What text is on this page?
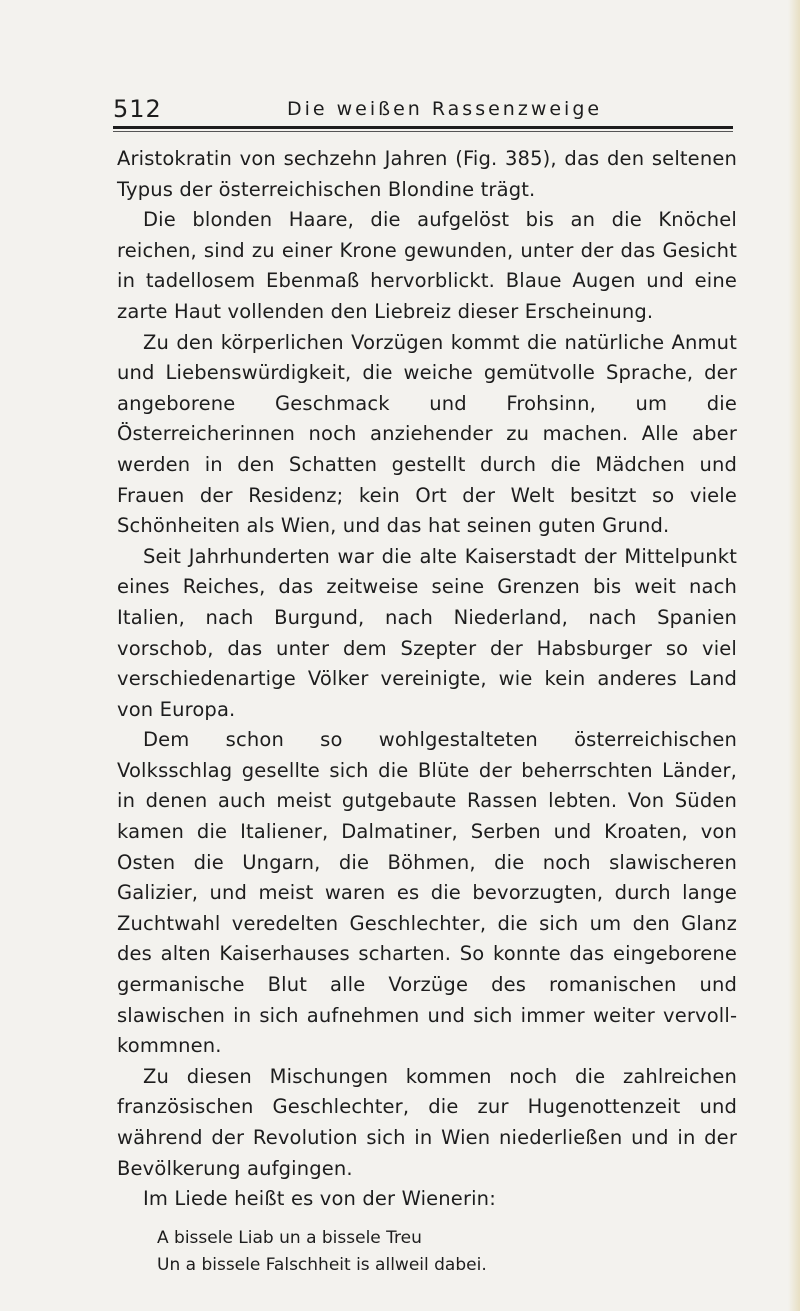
512	Die weißen Rassenzweige

Aristokratin von sechzehn Jahren (Fig. 385), das den seltenen Typus der österreichischen Blondine trägt.

Die blonden Haare, die aufgelöst bis an die Knöchel reichen, sind zu einer Krone gewunden, unter der das Gesicht in tadellosem Ebenmaß hervorblickt. Blaue Augen und eine zarte Haut vollenden den Liebreiz dieser Erscheinung.

Zu den körperlichen Vorzügen kommt die natürliche Anmut und Liebenswürdigkeit, die weiche gemütvolle Sprache, der angeborene Geschmack und Frohsinn, um die Österreicherinnen noch anziehender zu machen. Alle aber werden in den Schatten gestellt durch die Mädchen und Frauen der Residenz; kein Ort der Welt besitzt so viele Schönheiten als Wien, und das hat seinen guten Grund.

Seit Jahrhunderten war die alte Kaiserstadt der Mittelpunkt eines Reiches, das zeitweise seine Grenzen bis weit nach Italien, nach Burgund, nach Niederland, nach Spanien vorschob, das unter dem Szepter der Habsburger so viel verschiedenartige Völker vereinigte, wie kein anderes Land von Europa.

Dem schon so wohlgestalteten österreichischen Volksschlag gesellte sich die Blüte der beherrschten Länder, in denen auch meist gutgebaute Rassen lebten. Von Süden kamen die Italiener, Dalmatiner, Serben und Kroaten, von Osten die Ungarn, die Böhmen, die noch slawischeren Galizier, und meist waren es die bevorzugten, durch lange Zuchtwahl veredelten Geschlechter, die sich um den Glanz des alten Kaiserhauses scharten. So konnte das eingeborene germanische Blut alle Vorzüge des romanischen und slawischen in sich aufnehmen und sich immer weiter vervollkommnen.

Zu diesen Mischungen kommen noch die zahlreichen französischen Geschlechter, die zur Hugenottenzeit und während der Revolution sich in Wien niederließen und in der Bevölkerung aufgingen.

Im Liede heißt es von der Wienerin:

A bissele Liab un a bissele Treu
Un a bissele Falschheit is allweil dabei.
